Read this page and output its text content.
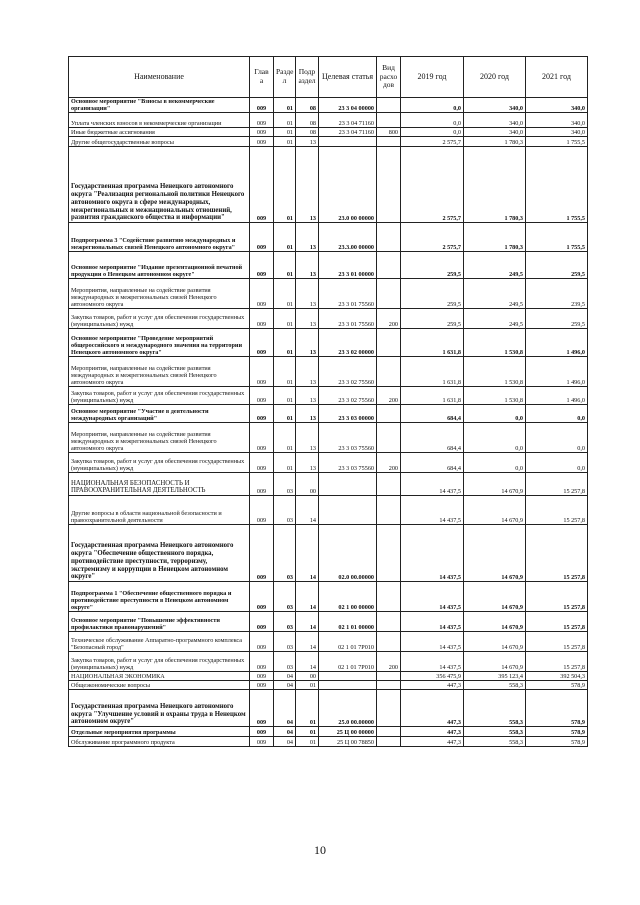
Наименование	Глав а	Разде л	Подр аздел	Целевая статья	Вид расхо дов	2019 год	2020 год	2021 год
Основное мероприятие "Взносы в некоммерческие организации"	009	01	08	23 3 04 00000		0,0	340,0	340,0
Уплата членских взносов в некоммерческие организации	009	01	08	23 3 04 71160		0,0	340,0	340,0
Иные бюджетные ассигнования	009	01	08	23 3 04 71160	800	0,0	340,0	340,0
Другие общегосударственные вопросы	009	01	13			2 575,7	1 780,3	1 755,5
Государственная программа Ненецкого автономного округа "Реализация региональной политики Ненецкого автономного округа в сфере международных, межрегиональных и межнациональных отношений, развития гражданского общества и информации"	009	01	13	23.0 00 00000		2 575,7	1 780,3	1 755,5
Подпрограмма 3 "Содействие развитию международных и межрегиональных связей Ненецкого автономного округа"	009	01	13	23.3.00 00000		2 575,7	1 780,3	1 755,5
Основное мероприятие "Издание презентационной печатной продукции о Ненецком автономном округе"	009	01	13	23 3 01 00000		259,5	249,5	259,5
Мероприятия, направленные на содействие развития международных и межрегиональных связей Ненецкого автономного округа	009	01	13	23 3 01 75560		259,5	249,5	239,5
Закупка товаров, работ и услуг для обеспечения государственных (муниципальных) нужд	009	01	13	23 3 01 75560	200	259,5	249,5	259,5
Основное мероприятие "Проведение мероприятий общероссийского и международного значения на территории Ненецкого автономного округа"	009	01	13	23 3 02 00000		1 631,8	1 530,8	1 496,0
Мероприятия, направленные на содействие развития международных и межрегиональных связей Ненецкого автономного округа	009	01	13	23 3 02 75560		1 631,8	1 530,8	1 496,0
Закупка товаров, работ и услуг для обеспечения государственных (муниципальных) нужд	009	01	13	23 3 02 75560	200	1 631,8	1 530,8	1 496,0
Основное мероприятие "Участие в деятельности международных организаций"	009	01	13	23 3 03 00000		684,4	0,0	0,0
Мероприятия, направленные на содействие развития международных и межрегиональных связей Ненецкого автономного округа	009	01	13	23 3 03 75560		684,4	0,0	0,0
Закупка товаров, работ и услуг для обеспечения государственных (муниципальных) нужд	009	01	13	23 3 03 75560	200	684,4	0,0	0,0
НАЦИОНАЛЬНАЯ БЕЗОПАСНОСТЬ И ПРАВООХРАНИТЕЛЬНАЯ ДЕЯТЕЛЬНОСТЬ	009	03	00			14 437,5	14 670,9	15 257,8
Другие вопросы в области национальной безопасности и правоохранительной деятельности	009	03	14			14 437,5	14 670,9	15 257,8
Государственная программа Ненецкого автономного округа "Обеспечение общественного порядка, противодействие преступности, терроризму, экстремизму и коррупции в Ненецком автономном округе"	009	03	14	02.0 00.00000		14 437,5	14 670,9	15 257,8
Подпрограмма 1 "Обеспечение общественного порядка и противодействие преступности в Ненецком автономном округе"	009	03	14	02 1 00 00000		14 437,5	14 670,9	15 257,8
Основное мероприятие "Повышение эффективности профилактики правонарушений"	009	03	14	02 1 01 00000		14 437,5	14 670,9	15 257,8
Техническое обслуживание Аппаратно-программного комплекса "Безопасный город"	009	03	14	02 1 01 7Р010		14 437,5	14 670,9	15 257,8
Закупка товаров, работ и услуг для обеспечения государственных (муниципальных) нужд	009	03	14	02 1 01 7Р010	200	14 437,5	14 670,9	15 257,8
НАЦИОНАЛЬНАЯ ЭКОНОМИКА	009	04	00			356 475,9	395 123,4	392 504,3
Общеэкономические вопросы	009	04	01			447,3	558,3	578,9
Государственная программа Ненецкого автономного округа "Улучшение условий и охраны труда в Ненецком автономном округе"	009	04	01	25.0 00.00000		447,3	558,3	578,9
Отдельные мероприятия программы	009	04	01	25 Ц 00 00000		447,3	558,3	578,9
Обслуживание программного продукта	009	04	01	25 Ц 00 78850		447,3	558,3	578,9
10
